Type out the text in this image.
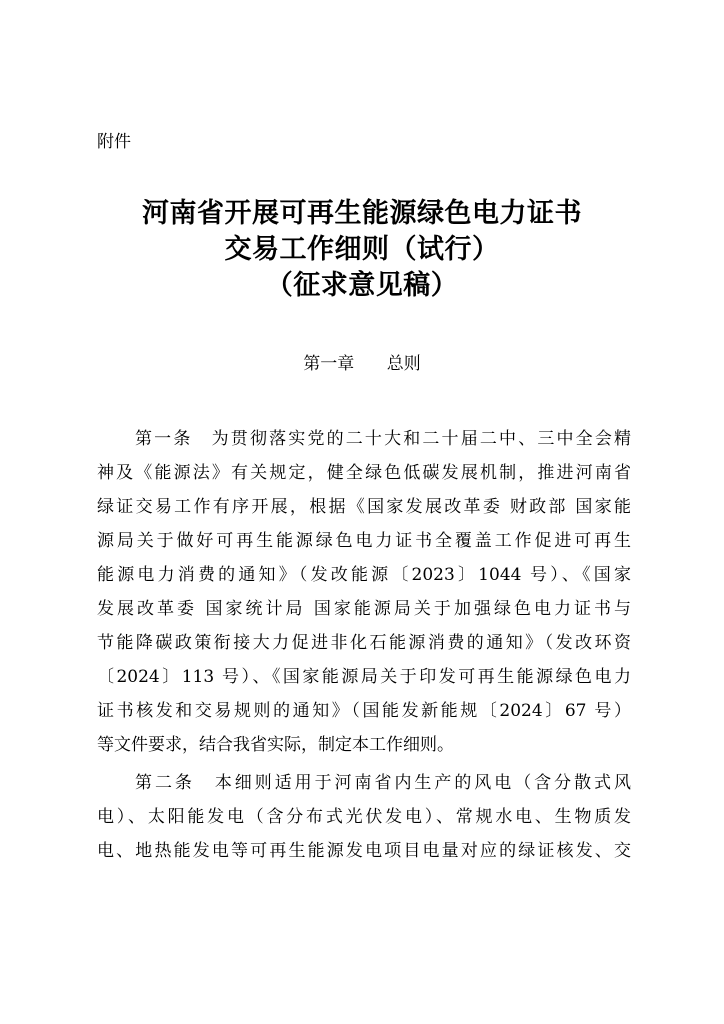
附件
河南省开展可再生能源绿色电力证书
交易工作细则（试行）
（征求意见稿）
第一章 总则
第一条　为贯彻落实党的二十大和二十届二中、三中全会精
神及《能源法》有关规定，健全绿色低碳发展机制，推进河南省
绿证交易工作有序开展，根据《国家发展改革委 财政部 国家能
源局关于做好可再生能源绿色电力证书全覆盖工作促进可再生
能源电力消费的通知》（发改能源〔2023〕1044 号）、《国家
发展改革委 国家统计局 国家能源局关于加强绿色电力证书与
节能降碳政策衔接大力促进非化石能源消费的通知》（发改环资
〔2024〕113 号）、《国家能源局关于印发可再生能源绿色电力
证书核发和交易规则的通知》（国能发新能规〔2024〕67 号）
等文件要求，结合我省实际，制定本工作细则。
第二条　本细则适用于河南省内生产的风电（含分散式风
电）、太阳能发电（含分布式光伏发电）、常规水电、生物质发
电、地热能发电等可再生能源发电项目电量对应的绿证核发、交
